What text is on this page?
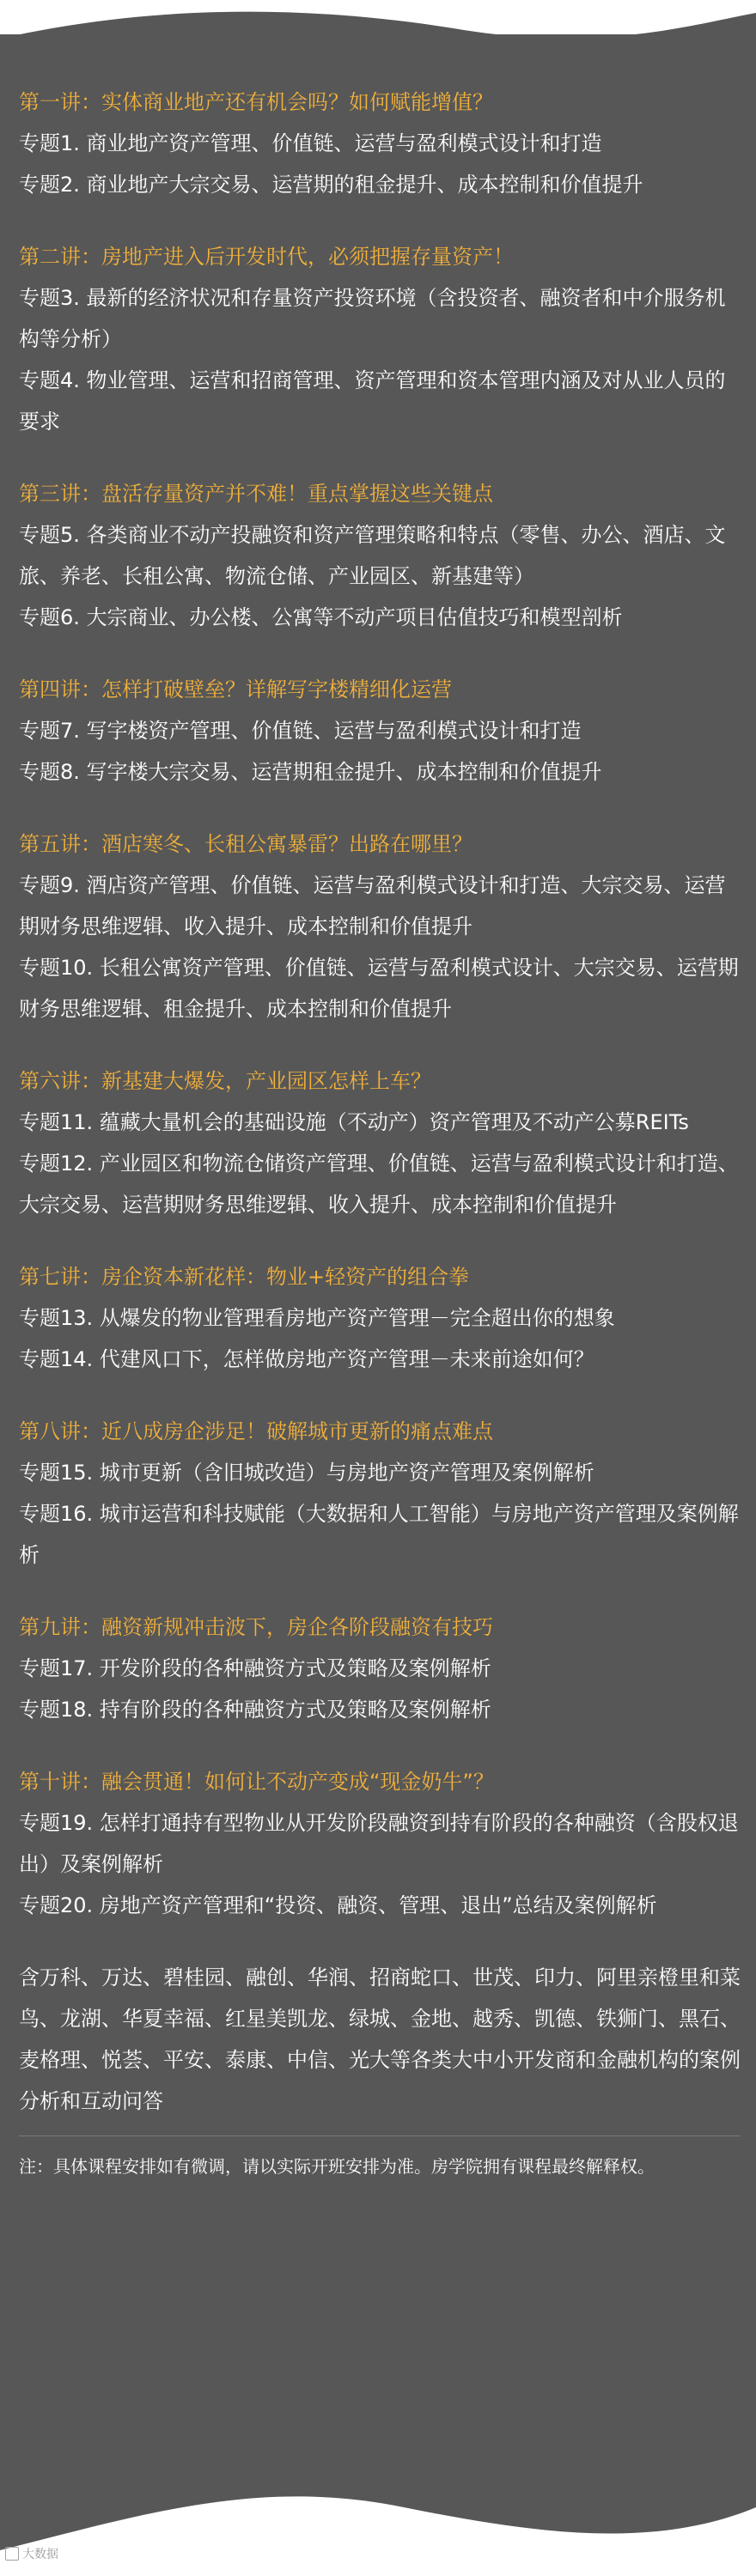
第一讲：实体商业地产还有机会吗？如何赋能增值？

专题1. 商业地产资产管理、价值链、运营与盈利模式设计和打造

专题2. 商业地产大宗交易、运营期的租金提升、成本控制和价值提升

第二讲：房地产进入后开发时代，必须把握存量资产！

专题3. 最新的经济状况和存量资产投资环境（含投资者、融资者和中介服务机构等分析）

专题4. 物业管理、运营和招商管理、资产管理和资本管理内涵及对从业人员的要求

第三讲：盘活存量资产并不难！重点掌握这些关键点

专题5. 各类商业不动产投融资和资产管理策略和特点（零售、办公、酒店、文旅、养老、长租公寓、物流仓储、产业园区、新基建等）

专题6. 大宗商业、办公楼、公寓等不动产项目估值技巧和模型剖析

第四讲：怎样打破壁垒？详解写字楼精细化运营

专题7. 写字楼资产管理、价值链、运营与盈利模式设计和打造

专题8. 写字楼大宗交易、运营期租金提升、成本控制和价值提升

第五讲：酒店寒冬、长租公寓暴雷？出路在哪里？

专题9. 酒店资产管理、价值链、运营与盈利模式设计和打造、大宗交易、运营期财务思维逻辑、收入提升、成本控制和价值提升

专题10. 长租公寓资产管理、价值链、运营与盈利模式设计、大宗交易、运营期财务思维逻辑、租金提升、成本控制和价值提升

第六讲：新基建大爆发，产业园区怎样上车？

专题11. 蕴藏大量机会的基础设施（不动产）资产管理及不动产公募REITs

专题12. 产业园区和物流仓储资产管理、价值链、运营与盈利模式设计和打造、大宗交易、运营期财务思维逻辑、收入提升、成本控制和价值提升

第七讲：房企资本新花样：物业+轻资产的组合拳

专题13. 从爆发的物业管理看房地产资产管理－完全超出你的想象

专题14. 代建风口下，怎样做房地产资产管理－未来前途如何？

第八讲：近八成房企涉足！破解城市更新的痛点难点

专题15. 城市更新（含旧城改造）与房地产资产管理及案例解析

专题16. 城市运营和科技赋能（大数据和人工智能）与房地产资产管理及案例解析

第九讲：融资新规冲击波下，房企各阶段融资有技巧

专题17. 开发阶段的各种融资方式及策略及案例解析

专题18. 持有阶段的各种融资方式及策略及案例解析

第十讲：融会贯通！如何让不动产变成“现金奶牛”？

专题19. 怎样打通持有型物业从开发阶段融资到持有阶段的各种融资（含股权退出）及案例解析

专题20. 房地产资产管理和“投资、融资、管理、退出”总结及案例解析

含万科、万达、碧桂园、融创、华润、招商蛇口、世茂、印力、阿里亲橙里和菜鸟、龙湖、华夏幸福、红星美凯龙、绿城、金地、越秀、凯德、铁狮门、黑石、麦格理、悦荟、平安、泰康、中信、光大等各类大中小开发商和金融机构的案例分析和互动问答

注：具体课程安排如有微调，请以实际开班安排为准。房学院拥有课程最终解释权。

大数据
